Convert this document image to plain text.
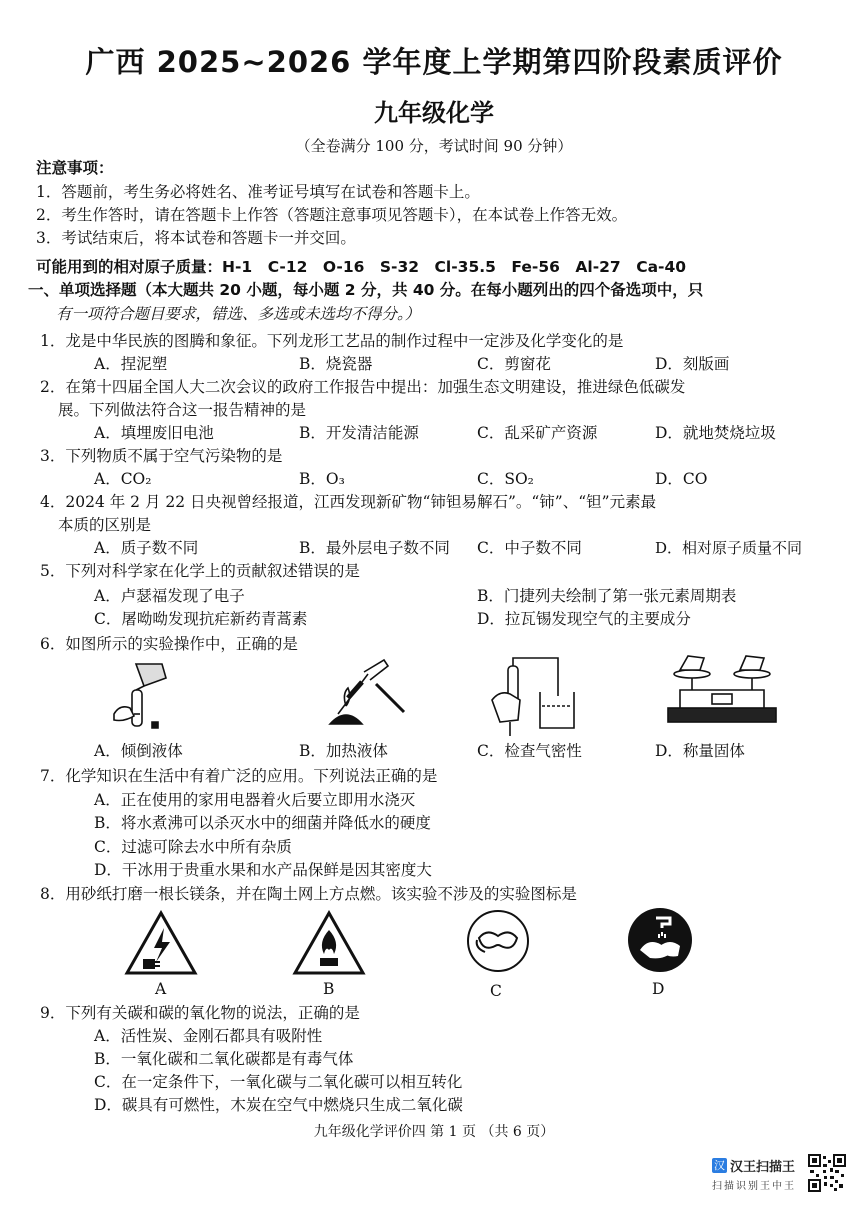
广西 2025~2026 学年度上学期第四阶段素质评价
九年级化学
（全卷满分 100 分，考试时间 90 分钟）
注意事项：
1．答题前，考生务必将姓名、准考证号填写在试卷和答题卡上。
2．考生作答时，请在答题卡上作答（答题注意事项见答题卡），在本试卷上作答无效。
3．考试结束后，将本试卷和答题卡一并交回。
可能用到的相对原子质量：H-1　C-12　O-16　S-32　Cl-35.5　Fe-56　Al-27　Ca-40
一、单项选择题（本大题共 20 小题，每小题 2 分，共 40 分。在每小题列出的四个备选项中，只
有一项符合题目要求，错选、多选或未选均不得分。）
1．龙是中华民族的图腾和象征。下列龙形工艺品的制作过程中一定涉及化学变化的是
A．捏泥塑	B．烧瓷器	C．剪窗花	D．刻版画
2．在第十四届全国人大二次会议的政府工作报告中提出：加强生态文明建设，推进绿色低碳发
展。下列做法符合这一报告精神的是
A．填埋废旧电池	B．开发清洁能源	C．乱采矿产资源	D．就地焚烧垃圾
3．下列物质不属于空气污染物的是
A．CO₂	B．O₃	C．SO₂	D．CO
4．2024 年 2 月 22 日央视曾经报道，江西发现新矿物“铈钽易解石”。“铈”、“钽”元素最
本质的区别是
A．质子数不同	B．最外层电子数不同 C．中子数不同	D．相对原子质量不同
5．下列对科学家在化学上的贡献叙述错误的是
A．卢瑟福发现了电子	B．门捷列夫绘制了第一张元素周期表
C．屠呦呦发现抗疟新药青蒿素	D．拉瓦锡发现空气的主要成分
6．如图所示的实验操作中，正确的是
A．倾倒液体	B．加热液体	C．检查气密性	D．称量固体
7．化学知识在生活中有着广泛的应用。下列说法正确的是
A．正在使用的家用电器着火后要立即用水浇灭
B．将水煮沸可以杀灭水中的细菌并降低水的硬度
C．过滤可除去水中所有杂质
D．干冰用于贵重水果和水产品保鲜是因其密度大
8．用砂纸打磨一根长镁条，并在陶土网上方点燃。该实验不涉及的实验图标是
A	B	C	D
9．下列有关碳和碳的氧化物的说法，正确的是
A．活性炭、金刚石都具有吸附性
B．一氧化碳和二氧化碳都是有毒气体
C．在一定条件下，一氧化碳与二氧化碳可以相互转化
D．碳具有可燃性，木炭在空气中燃烧只生成二氧化碳
九年级化学评价四 第 1 页 （共 6 页）
汉 汉王扫描王
扫描识别王中王
